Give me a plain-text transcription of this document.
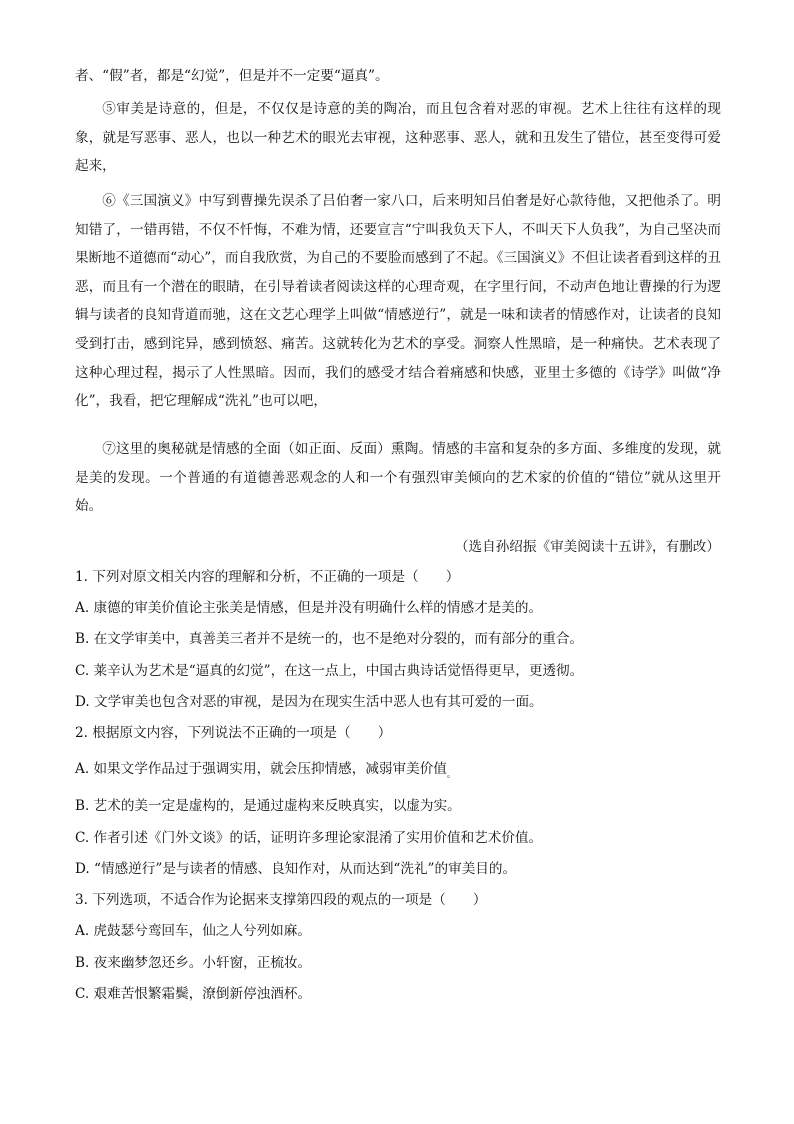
者、“假”者，都是“幻觉”，但是并不一定要“逼真”。
⑤审美是诗意的，但是，不仅仅是诗意的美的陶冶，而且包含着对恶的审视。艺术上往往有这样的现象，就是写恶事、恶人，也以一种艺术的眼光去审视，这种恶事、恶人，就和丑发生了错位，甚至变得可爱起来，
⑥《三国演义》中写到曹操先误杀了吕伯奢一家八口，后来明知吕伯奢是好心款待他，又把他杀了。明知错了，一错再错，不仅不忏悔，不难为情，还要宣言“宁叫我负天下人，不叫天下人负我”，为自己坚决而果断地不道德而“动心”，而自我欣赏，为自己的不要脸而感到了不起。《三国演义》不但让读者看到这样的丑恶，而且有一个潜在的眼睛，在引导着读者阅读这样的心理奇观，在字里行间，不动声色地让曹操的行为逻辑与读者的良知背道而驰，这在文艺心理学上叫做“情感逆行”，就是一味和读者的情感作对，让读者的良知受到打击，感到诧异，感到愤怒、痛苦。这就转化为艺术的享受。洞察人性黑暗，是一种痛快。艺术表现了这种心理过程，揭示了人性黑暗。因而，我们的感受才结合着痛感和快感，亚里士多德的《诗学》叫做“净化”，我看，把它理解成“洗礼”也可以吧，
⑦这里的奥秘就是情感的全面（如正面、反面）熏陶。情感的丰富和复杂的多方面、多维度的发现，就是美的发现。一个普通的有道德善恶观念的人和一个有强烈审美倾向的艺术家的价值的“错位”就从这里开始。
（选自孙绍振《审美阅读十五讲》，有删改）
1. 下列对原文相关内容的理解和分析，不正确的一项是（　　）
A. 康德的审美价值论主张美是情感，但是并没有明确什么样的情感才是美的。
B. 在文学审美中，真善美三者并不是统一的，也不是绝对分裂的，而有部分的重合。
C. 莱辛认为艺术是“逼真的幻觉”，在这一点上，中国古典诗话觉悟得更早，更透彻。
D. 文学审美也包含对恶的审视，是因为在现实生活中恶人也有其可爱的一面。
2. 根据原文内容，下列说法不正确的一项是（　　）
A. 如果文学作品过于强调实用，就会压抑情感，减弱审美价值$_。$
B. 艺术的美一定是虚构的，是通过虚构来反映真实，以虚为实。
C. 作者引述《门外文谈》的话，证明许多理论家混淆了实用价值和艺术价值。
D. “情感逆行”是与读者的情感、良知作对，从而达到“洗礼”的审美目的。
3. 下列选项，不适合作为论据来支撑第四段的观点的一项是（　　）
A. 虎鼓瑟兮鸾回车，仙之人兮列如麻。
B. 夜来幽梦忽还乡。小轩窗，正梳妆。
C. 艰难苦恨繁霜鬓，潦倒新停浊酒杯。
